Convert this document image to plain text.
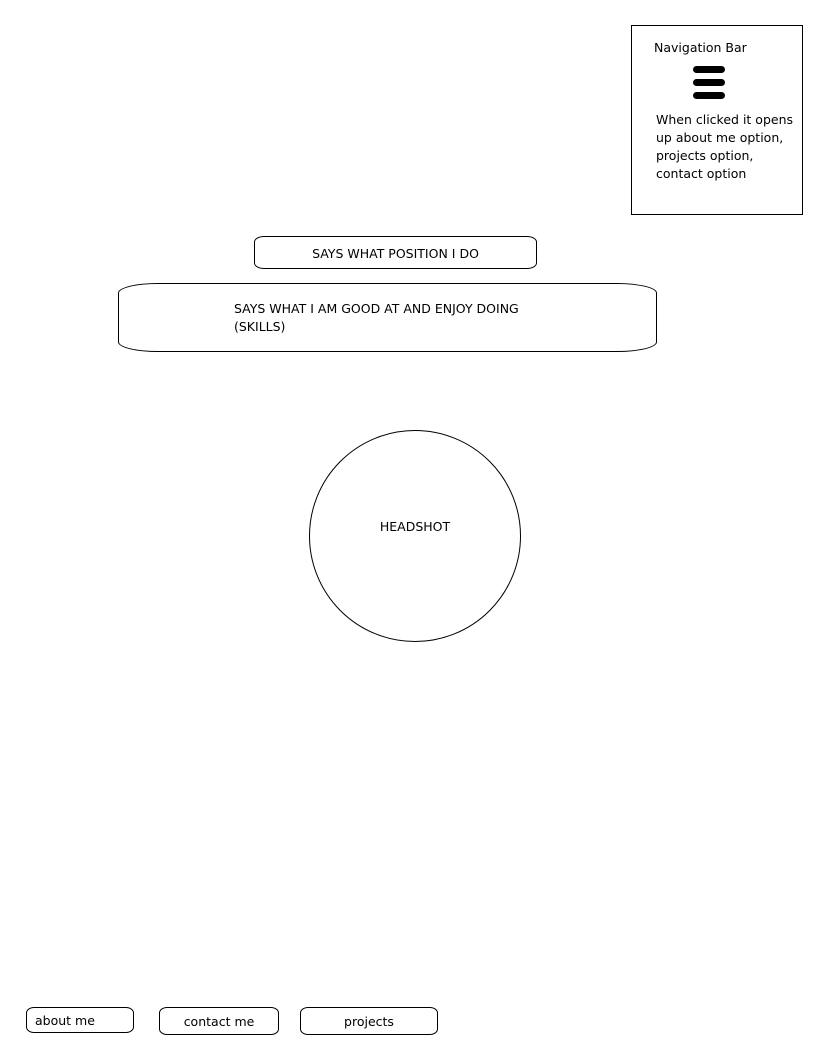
Navigation Bar
When clicked it opens up about me option, projects option, contact option
SAYS WHAT POSITION I DO
SAYS WHAT I AM GOOD AT AND ENJOY DOING
(SKILLS)
HEADSHOT
about me	contact me	projects
